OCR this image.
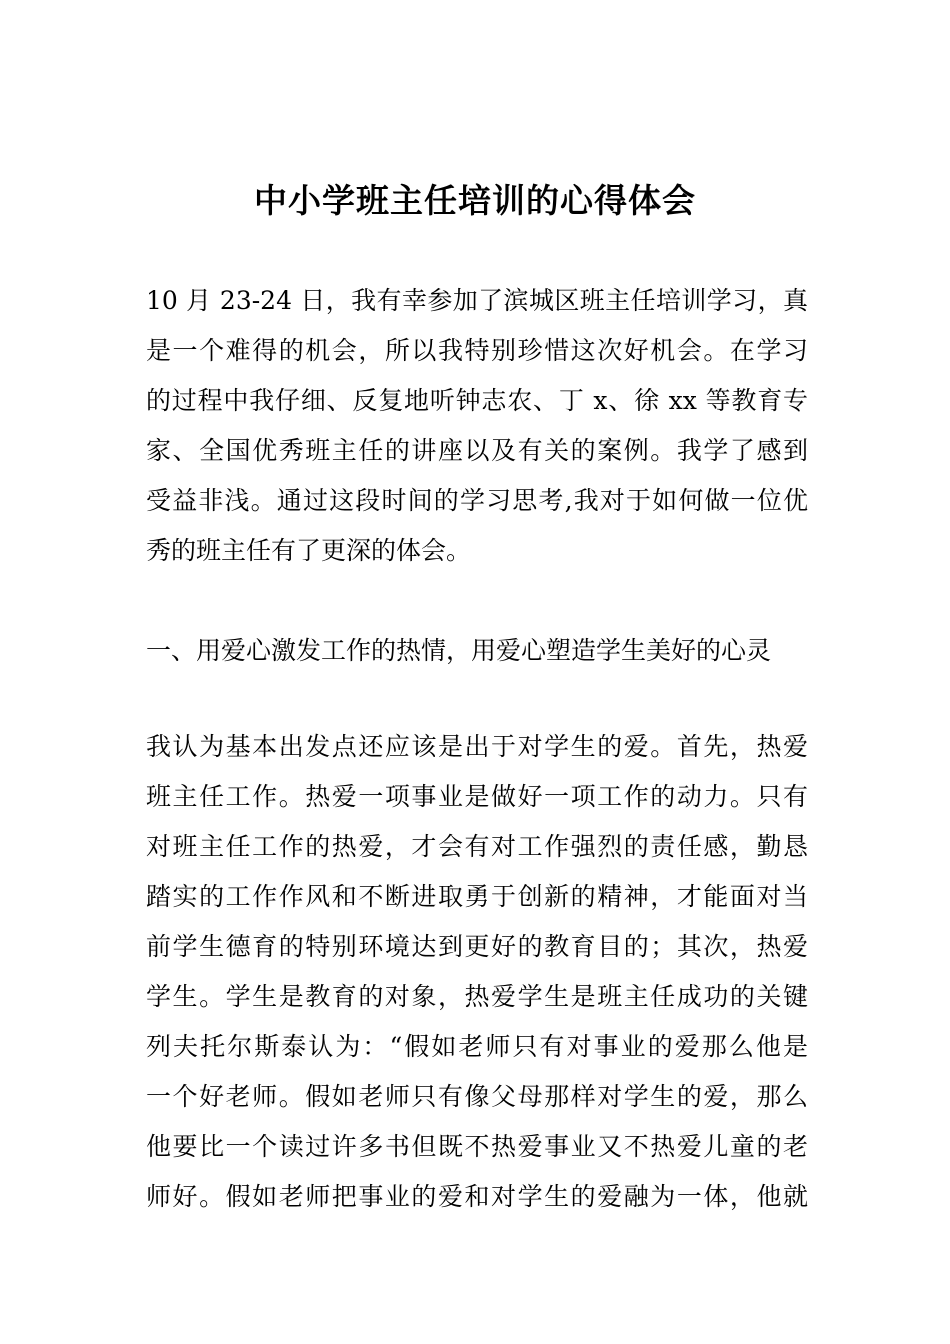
中小学班主任培训的心得体会
10 月 23-24 日，我有幸参加了滨城区班主任培训学习，真
是一个难得的机会，所以我特别珍惜这次好机会。在学习
的过程中我仔细、反复地听钟志农、丁 x、徐 xx 等教育专
家、全国优秀班主任的讲座以及有关的案例。我学了感到
受益非浅。通过这段时间的学习思考,我对于如何做一位优
秀的班主任有了更深的体会。
一、用爱心激发工作的热情，用爱心塑造学生美好的心灵
我认为基本出发点还应该是出于对学生的爱。首先，热爱
班主任工作。热爱一项事业是做好一项工作的动力。只有
对班主任工作的热爱，才会有对工作强烈的责任感，勤恳
踏实的工作作风和不断进取勇于创新的精神，才能面对当
前学生德育的特别环境达到更好的教育目的；其次，热爱
学生。学生是教育的对象，热爱学生是班主任成功的关键
列夫托尔斯泰认为：“假如老师只有对事业的爱那么他是
一个好老师。假如老师只有像父母那样对学生的爱，那么
他要比一个读过许多书但既不热爱事业又不热爱儿童的老
师好。假如老师把事业的爱和对学生的爱融为一体，他就
